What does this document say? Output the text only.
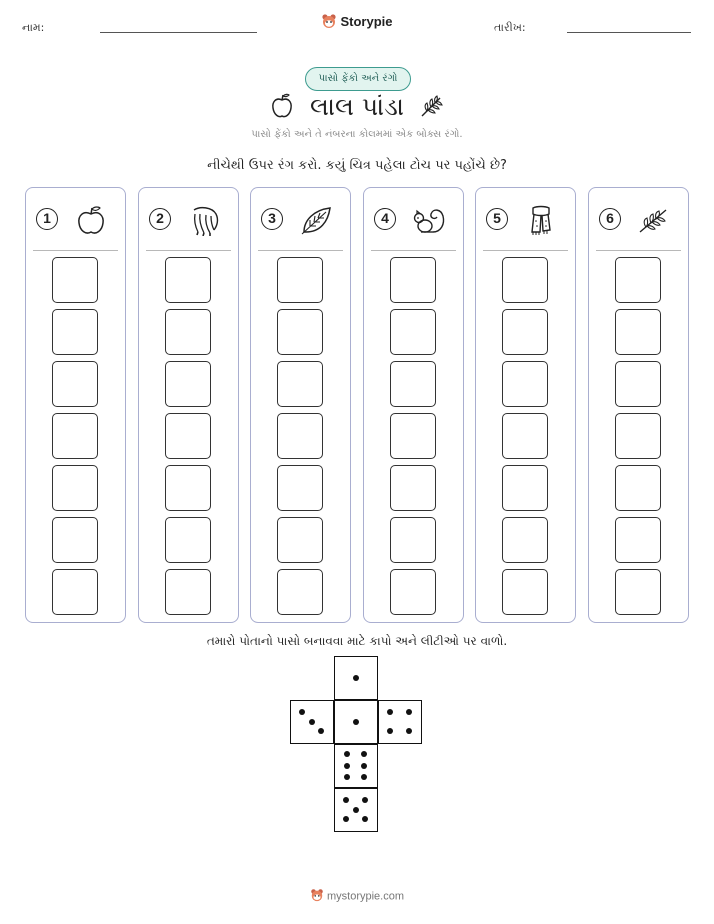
નામ:	તારીખ:
Storypie
પાસો ફેંકો અને રંગો
લાલ પાંડા
પાસો ફેંકો અને તે નંબરના કોલમમાં એક બોક્સ રંગો.
નીચેથી ઉપર રંગ કરો. કયું ચિત્ર પહેલા ટોચ પર પહોંચે છે?
1	2	3	4	5	6
તમારો પોતાનો પાસો બનાવવા માટે કાપો અને લીટીઓ પર વાળો.
mystorypie.com
